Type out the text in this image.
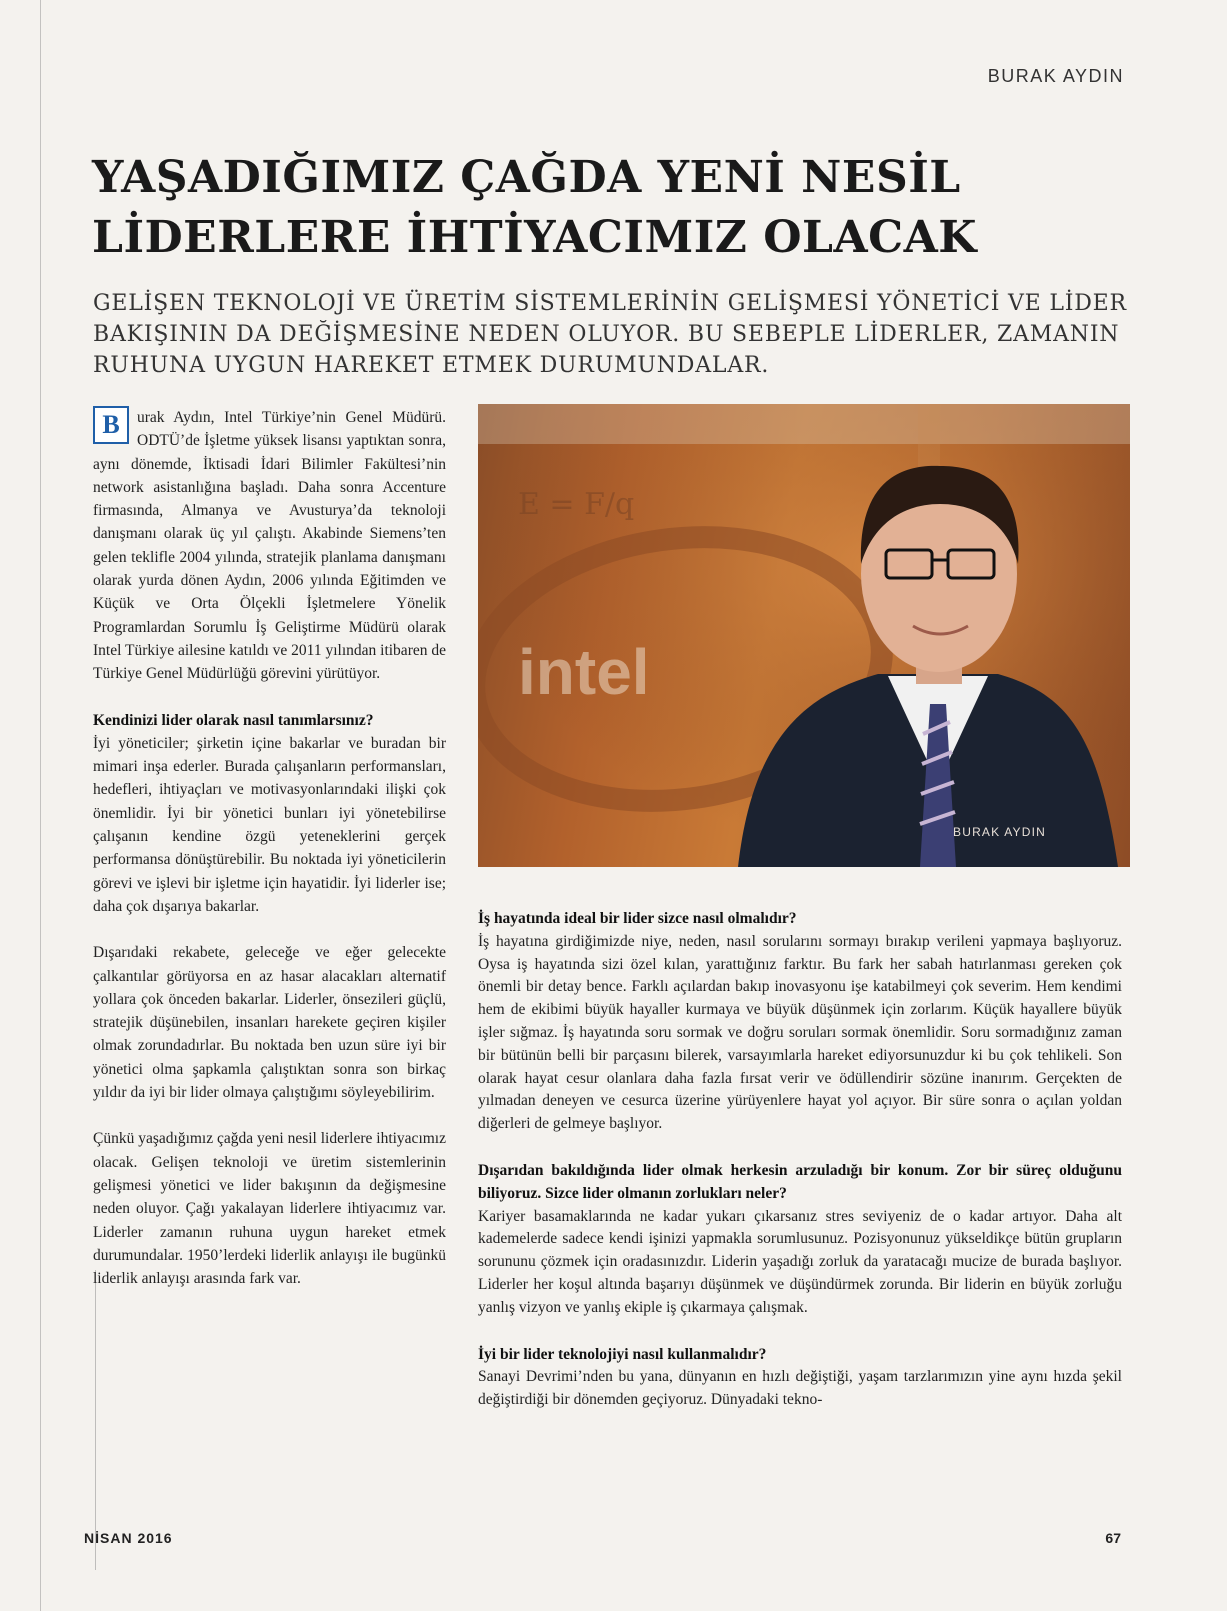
BURAK AYDIN
YAŞADIĞIMIZ ÇAĞDA YENİ NESİL
LİDERLERE İHTİYACIMIZ OLACAK
GELİŞEN TEKNOLOJİ VE ÜRETİM SİSTEMLERİNİN GELİŞMESİ YÖNETİCİ VE LİDER
BAKIŞININ DA DEĞİŞMESİNE NEDEN OLUYOR. BU SEBEPLE LİDERLER, ZAMANIN
RUHUNA UYGUN HAREKET ETMEK DURUMUNDALAR.

B	urak Aydın, Intel Türkiye’nin Genel Müdürü. ODTÜ’de İşletme yüksek lisansı yaptıktan sonra, aynı dönemde, İktisadi İdari Bilimler Fakültesi’nin network asistanlığına başladı. Daha sonra Accenture firmasında, Almanya ve Avusturya’da teknoloji danışmanı olarak üç yıl çalıştı. Akabinde Siemens’ten gelen teklifle 2004 yılında, stratejik planlama danışmanı olarak yurda dönen Aydın, 2006 yılında Eğitimden ve Küçük ve Orta Ölçekli İşletmelere Yönelik Programlardan Sorumlu İş Geliştirme Müdürü olarak Intel Türkiye ailesine katıldı ve 2011 yılından itibaren de Türkiye Genel Müdürlüğü görevini yürütüyor.

Kendinizi lider olarak nasıl tanımlarsınız?

İyi yöneticiler; şirketin içine bakarlar ve buradan bir mimari inşa ederler. Burada çalışanların performansları, hedefleri, ihtiyaçları ve motivasyonlarındaki ilişki çok önemlidir. İyi bir yönetici bunları iyi yönetebilirse çalışanın kendine özgü yeteneklerini gerçek performansa dönüştürebilir. Bu noktada iyi yöneticilerin görevi ve işlevi bir işletme için hayatidir. İyi liderler ise; daha çok dışarıya bakarlar.

Dışarıdaki rekabete, geleceğe ve eğer gelecekte çalkantılar görüyorsa en az hasar alacakları alternatif yollara çok önceden bakarlar. Liderler, önsezileri güçlü, stratejik düşünebilen, insanları harekete geçiren kişiler olmak zorundadırlar. Bu noktada ben uzun süre iyi bir yönetici olma şapkamla çalıştıktan sonra son birkaç yıldır da iyi bir lider olmaya çalıştığımı söyleyebilirim.

Çünkü yaşadığımız çağda yeni nesil liderlere ihtiyacımız olacak. Gelişen teknoloji ve üretim sistemlerinin gelişmesi yönetici ve lider bakışının da değişmesine neden oluyor. Çağı yakalayan liderlere ihtiyacımız var. Liderler zamanın ruhuna uygun hareket etmek durumundalar. 1950’lerdeki liderlik anlayışı ile bugünkü liderlik anlayışı arasında fark var.

E = F/q
intel
BURAK AYDIN

İş hayatında ideal bir lider sizce nasıl olmalıdır?

İş hayatına girdiğimizde niye, neden, nasıl sorularını sormayı bırakıp verileni yapmaya başlıyoruz. Oysa iş hayatında sizi özel kılan, yarattığınız farktır. Bu fark her sabah hatırlanması gereken çok önemli bir detay bence. Farklı açılardan bakıp inovasyonu işe katabilmeyi çok severim. Hem kendimi hem de ekibimi büyük hayaller kurmaya ve büyük düşünmek için zorlarım. Küçük hayallere büyük işler sığmaz. İş hayatında soru sormak ve doğru soruları sormak önemlidir. Soru sormadığınız zaman bir bütünün belli bir parçasını bilerek, varsayımlarla hareket ediyorsunuzdur ki bu çok tehlikeli. Son olarak hayat cesur olanlara daha fazla fırsat verir ve ödüllendirir sözüne inanırım. Gerçekten de yılmadan deneyen ve cesurca üzerine yürüyenlere hayat yol açıyor. Bir süre sonra o açılan yoldan diğerleri de gelmeye başlıyor.

Dışarıdan bakıldığında lider olmak herkesin arzuladığı bir konum. Zor bir süreç olduğunu biliyoruz. Sizce lider olmanın zorlukları neler?

Kariyer basamaklarında ne kadar yukarı çıkarsanız stres seviyeniz de o kadar artıyor. Daha alt kademelerde sadece kendi işinizi yapmakla sorumlusunuz. Pozisyonunuz yükseldikçe bütün grupların sorununu çözmek için oradasınızdır. Liderin yaşadığı zorluk da yaratacağı mucize de burada başlıyor. Liderler her koşul altında başarıyı düşünmek ve düşündürmek zorunda. Bir liderin en büyük zorluğu yanlış vizyon ve yanlış ekiple iş çıkarmaya çalışmak.

İyi bir lider teknolojiyi nasıl kullanmalıdır?

Sanayi Devrimi’nden bu yana, dünyanın en hızlı değiştiği, yaşam tarzlarımızın yine aynı hızda şekil değiştirdiği bir dönemden geçiyoruz. Dünyadaki tekno-

NİSAN 2016	67
